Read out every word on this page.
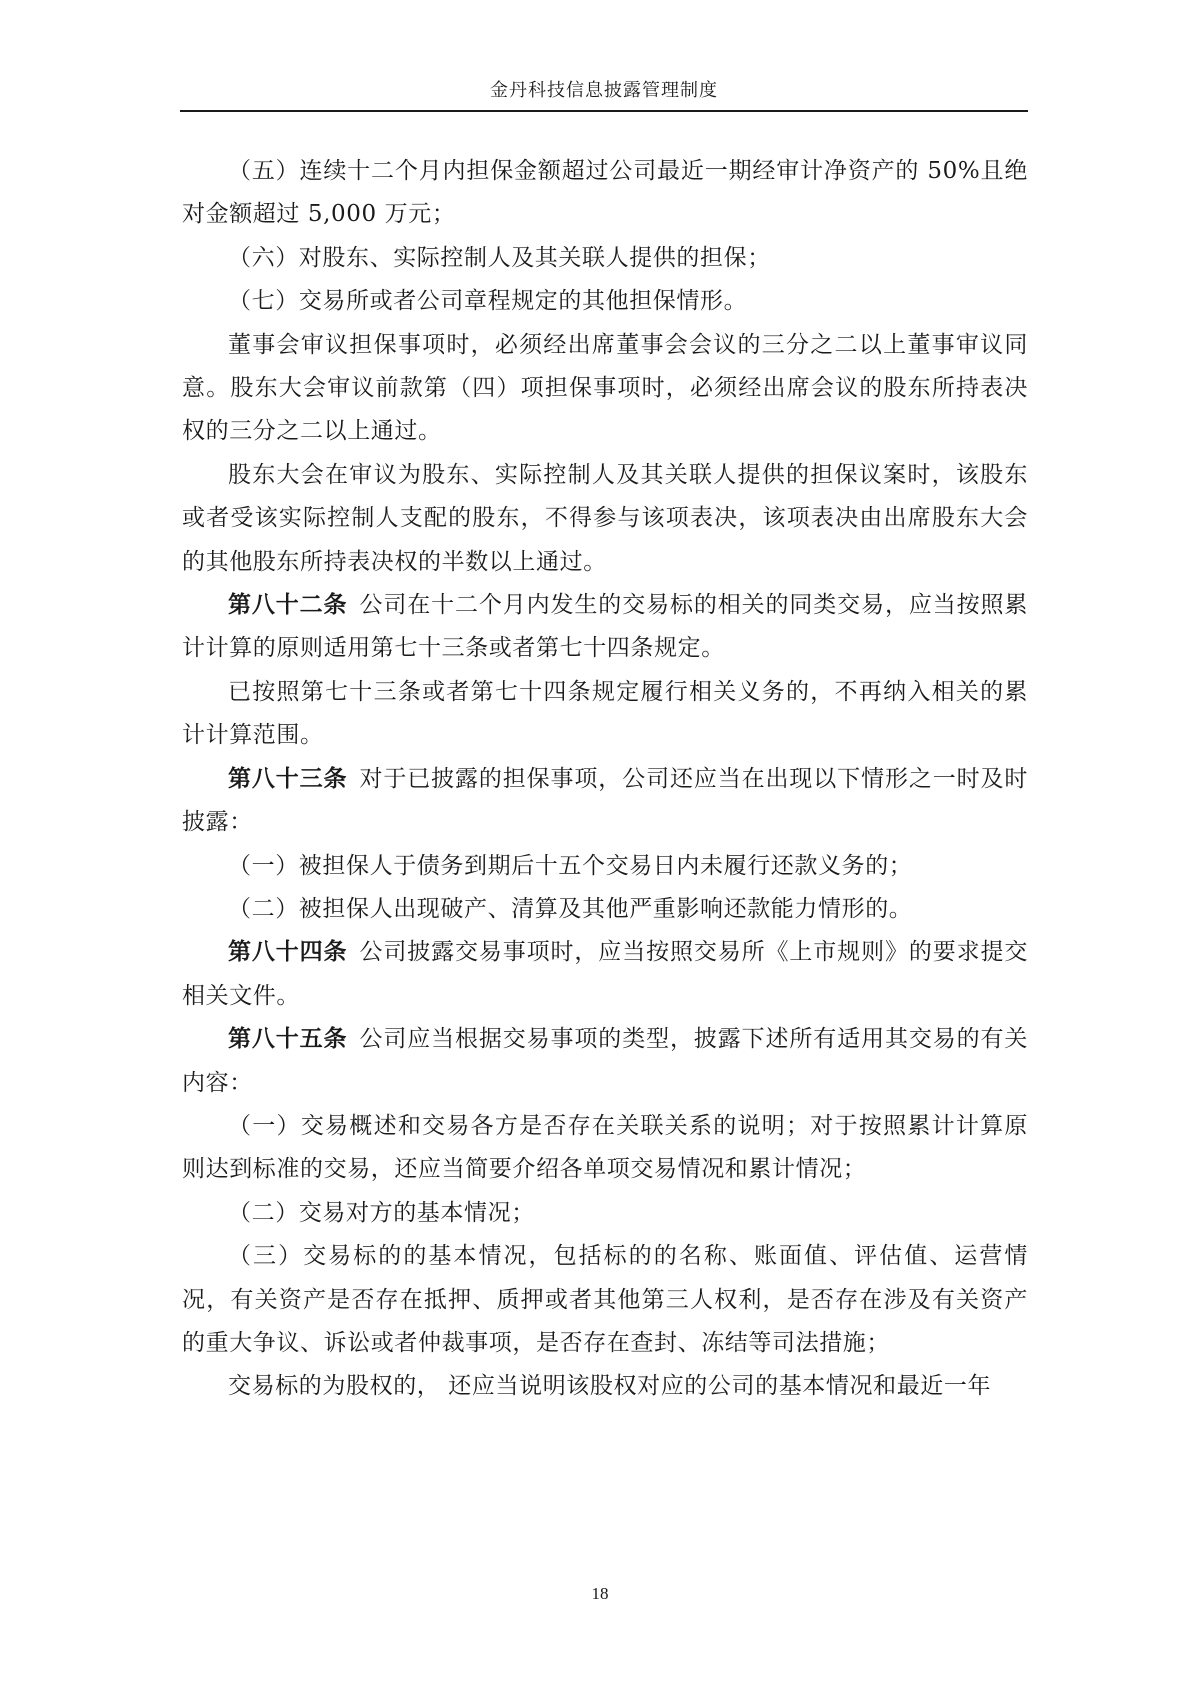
金丹科技信息披露管理制度

（五）连续十二个月内担保金额超过公司最近一期经审计净资产的 50%且绝对金额超过 5,000 万元；

（六）对股东、实际控制人及其关联人提供的担保；

（七）交易所或者公司章程规定的其他担保情形。

董事会审议担保事项时，必须经出席董事会会议的三分之二以上董事审议同意。股东大会审议前款第（四）项担保事项时，必须经出席会议的股东所持表决权的三分之二以上通过。

股东大会在审议为股东、实际控制人及其关联人提供的担保议案时，该股东或者受该实际控制人支配的股东，不得参与该项表决，该项表决由出席股东大会的其他股东所持表决权的半数以上通过。

第八十二条 公司在十二个月内发生的交易标的相关的同类交易，应当按照累计计算的原则适用第七十三条或者第七十四条规定。

已按照第七十三条或者第七十四条规定履行相关义务的，不再纳入相关的累计计算范围。

第八十三条 对于已披露的担保事项，公司还应当在出现以下情形之一时及时披露：

（一）被担保人于债务到期后十五个交易日内未履行还款义务的；

（二）被担保人出现破产、清算及其他严重影响还款能力情形的。

第八十四条 公司披露交易事项时，应当按照交易所《上市规则》的要求提交相关文件。

第八十五条 公司应当根据交易事项的类型，披露下述所有适用其交易的有关内容：

（一）交易概述和交易各方是否存在关联关系的说明；对于按照累计计算原则达到标准的交易，还应当简要介绍各单项交易情况和累计情况；

（二）交易对方的基本情况；

（三）交易标的的基本情况，包括标的的名称、账面值、评估值、运营情况，有关资产是否存在抵押、质押或者其他第三人权利，是否存在涉及有关资产的重大争议、诉讼或者仲裁事项，是否存在查封、冻结等司法措施；

交易标的为股权的， 还应当说明该股权对应的公司的基本情况和最近一年

18
